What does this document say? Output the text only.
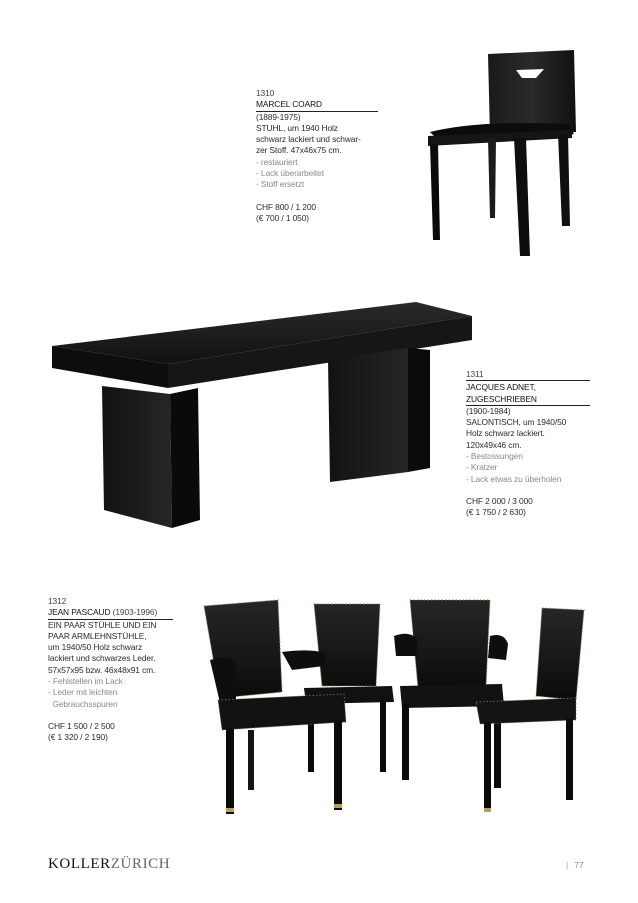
1310
MARCEL COARD
(1889-1975)
STUHL, um 1940 Holz
schwarz lackiert und schwar-
zer Stoff. 47x46x75 cm.
- restauriert
- Lack überarbeitet
- Stoff ersetzt
CHF 800 / 1 200
(€ 700 / 1 050)
1311
JACQUES ADNET,
ZUGESCHRIEBEN
(1900-1984)
SALONTISCH, um 1940/50
Holz schwarz lackiert.
120x49x46 cm.
- Bestossungen
- Kratzer
- Lack etwas zu überholen
CHF 2 000 / 3 000
(€ 1 750 / 2 630)
1312
JEAN PASCAUD (1903-1996)
EIN PAAR STÜHLE UND EIN
PAAR ARMLEHNSTÜHLE,
um 1940/50 Holz schwarz
lackiert und schwarzes Leder.
57x57x95 bzw. 46x48x91 cm.
- Fehlstellen im Lack
- Leder mit leichten
Gebrauchsspuren
CHF 1 500 / 2 500
(€ 1 320 / 2 190)
KOLLERZÜRICH	| 77
